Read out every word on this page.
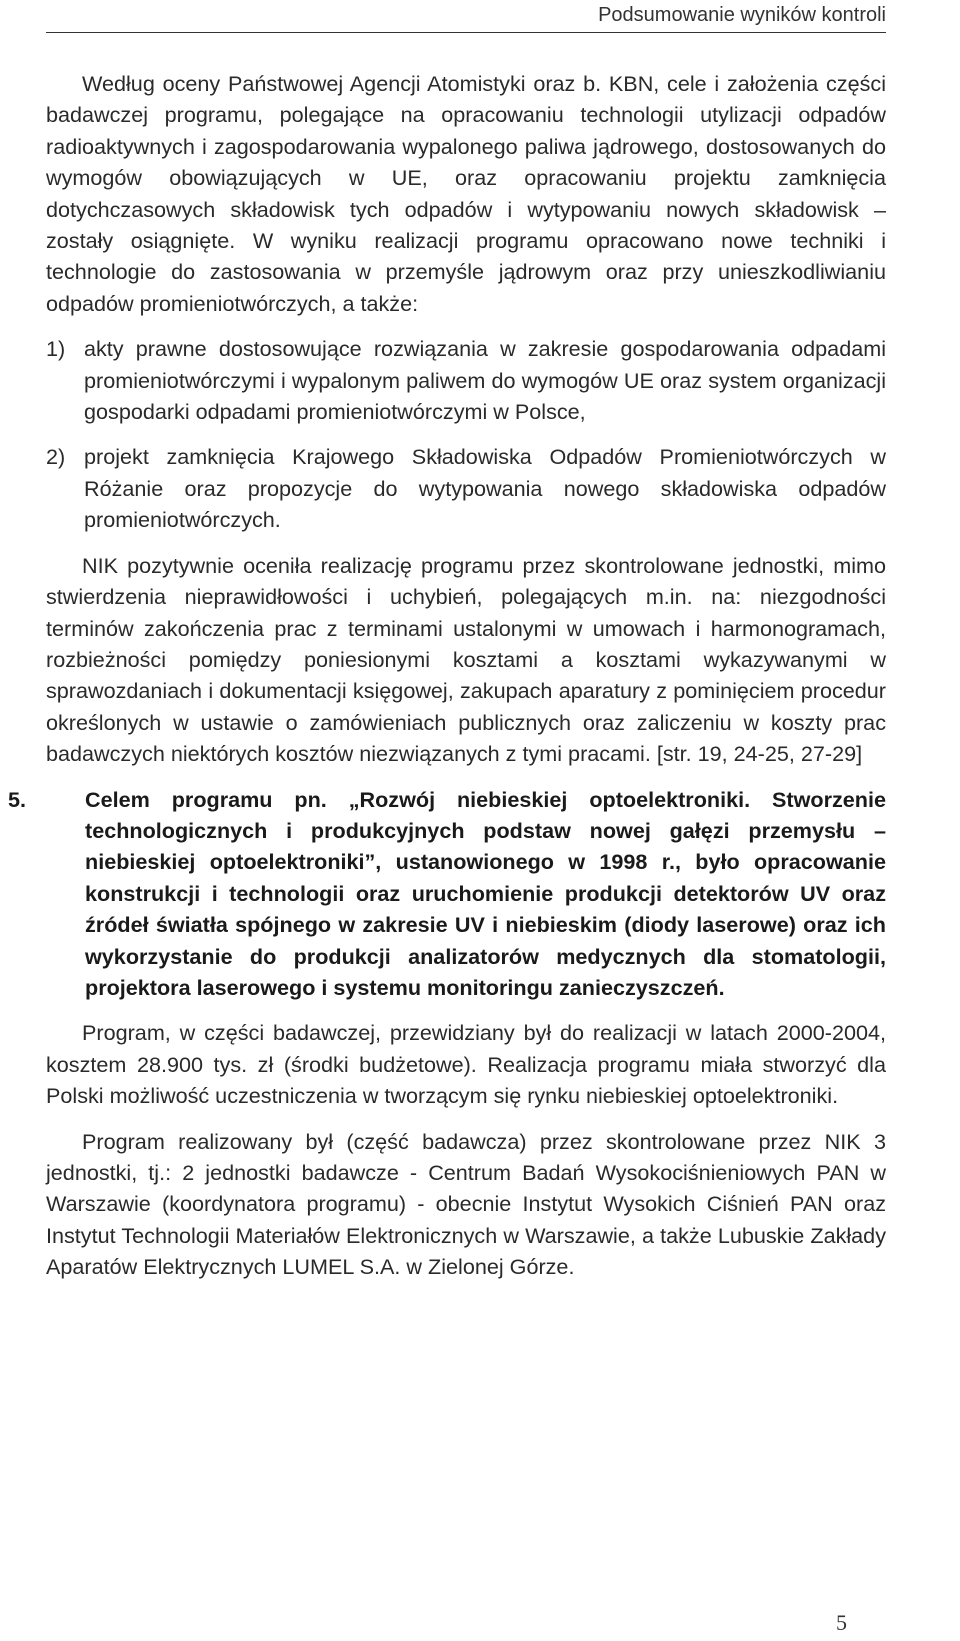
Podsumowanie wyników kontroli

Według oceny Państwowej Agencji Atomistyki oraz b. KBN, cele i założenia części badawczej programu, polegające na opracowaniu technologii utylizacji odpadów radioaktywnych i zagospodarowania wypalonego paliwa jądrowego, dostosowanych do wymogów obowiązujących w UE, oraz opracowaniu projektu zamknięcia dotychczasowych składowisk tych odpadów i wytypowaniu nowych składowisk – zostały osiągnięte. W wyniku realizacji programu opracowano nowe techniki i technologie do zastosowania w przemyśle jądrowym oraz przy unieszkodliwianiu odpadów promieniotwórczych, a także:

1) akty prawne dostosowujące rozwiązania w zakresie gospodarowania odpadami promieniotwórczymi i wypalonym paliwem do wymogów UE oraz system organizacji gospodarki odpadami promieniotwórczymi w Polsce,
2) projekt zamknięcia Krajowego Składowiska Odpadów Promieniotwórczych w Różanie oraz propozycje do wytypowania nowego składowiska odpadów promieniotwórczych.

NIK pozytywnie oceniła realizację programu przez skontrolowane jednostki, mimo stwierdzenia nieprawidłowości i uchybień, polegających m.in. na: niezgodności terminów zakończenia prac z terminami ustalonymi w umowach i harmonogramach, rozbieżności pomiędzy poniesionymi kosztami a kosztami wykazywanymi w sprawozdaniach i dokumentacji księgowej, zakupach aparatury z pominięciem procedur określonych w ustawie o zamówieniach publicznych oraz zaliczeniu w koszty prac badawczych niektórych kosztów niezwiązanych z tymi pracami. [str. 19, 24-25, 27-29]

5.	Celem programu pn. „Rozwój niebieskiej optoelektroniki. Stworzenie technologicznych i produkcyjnych podstaw nowej gałęzi przemysłu – niebieskiej optoelektroniki”, ustanowionego w 1998 r., było opracowanie konstrukcji i technologii oraz uruchomienie produkcji detektorów UV oraz źródeł światła spójnego w zakresie UV i niebieskim (diody laserowe) oraz ich wykorzystanie do produkcji analizatorów medycznych dla stomatologii, projektora laserowego i systemu monitoringu zanieczyszczeń.

Program, w części badawczej, przewidziany był do realizacji w latach 2000-2004, kosztem 28.900 tys. zł (środki budżetowe). Realizacja programu miała stworzyć dla Polski możliwość uczestniczenia w tworzącym się rynku niebieskiej optoelektroniki.

Program realizowany był (część badawcza) przez skontrolowane przez NIK 3 jednostki, tj.: 2 jednostki badawcze - Centrum Badań Wysokociśnieniowych PAN w Warszawie (koordynatora programu) - obecnie Instytut Wysokich Ciśnień PAN oraz Instytut Technologii Materiałów Elektronicznych w Warszawie, a także Lubuskie Zakłady Aparatów Elektrycznych LUMEL S.A. w Zielonej Górze.

5
